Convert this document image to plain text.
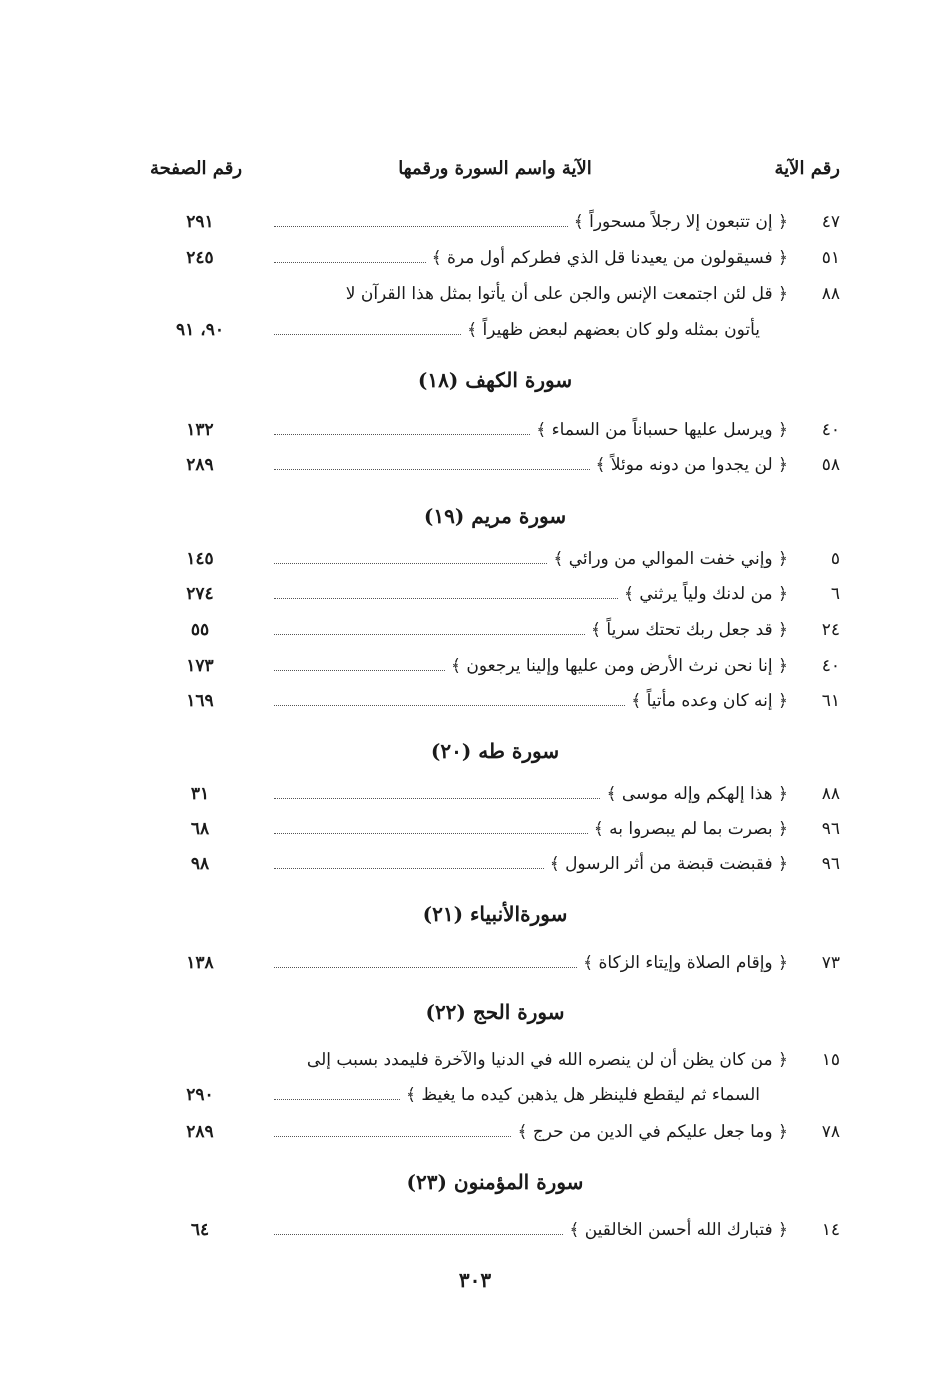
رقم الآية
الآية واسم السورة ورقمها
رقم الصفحة
٤٧
﴿ إن تتبعون إلا رجلاً مسحوراً ﴾
٢٩١
٥١
﴿ فسيقولون من يعيدنا قل الذي فطركم أول مرة ﴾
٢٤٥
٨٨
﴿ قل لئن اجتمعت الإنس والجن على أن يأتوا بمثل هذا القرآن لا
يأتون بمثله ولو كان بعضهم لبعض ظهيراً ﴾
٩٠، ٩١
سورة الكهف (١٨)
٤٠
﴿ ويرسل عليها حسباناً من السماء ﴾
١٣٢
٥٨
﴿ لن يجدوا من دونه موئلاً ﴾
٢٨٩
سورة مريم (١٩)
٥
﴿ وإني خفت الموالي من ورائي ﴾
١٤٥
٦
﴿ من لدنك ولياً يرثني ﴾
٢٧٤
٢٤
﴿ قد جعل ربك تحتك سرياً ﴾
٥٥
٤٠
﴿ إنا نحن نرث الأرض ومن عليها وإلينا يرجعون ﴾
١٧٣
٦١
﴿ إنه كان وعده مأتياً ﴾
١٦٩
سورة طه (٢٠)
٨٨
﴿ هذا إلهكم وإله موسى ﴾
٣١
٩٦
﴿ بصرت بما لم يبصروا به ﴾
٦٨
٩٦
﴿ فقبضت قبضة من أثر الرسول ﴾
٩٨
سورةالأنبياء (٢١)
٧٣
﴿ وإقام الصلاة وإيتاء الزكاة ﴾
١٣٨
سورة الحج (٢٢)
١٥
﴿ من كان يظن أن لن ينصره الله في الدنيا والآخرة فليمدد بسبب إلى
السماء ثم ليقطع فلينظر هل يذهبن كيده ما يغيظ ﴾
٢٩٠
٧٨
﴿ وما جعل عليكم في الدين من حرج ﴾
٢٨٩
سورة المؤمنون (٢٣)
١٤
﴿ فتبارك الله أحسن الخالقين ﴾
٦٤
٣٠٣
